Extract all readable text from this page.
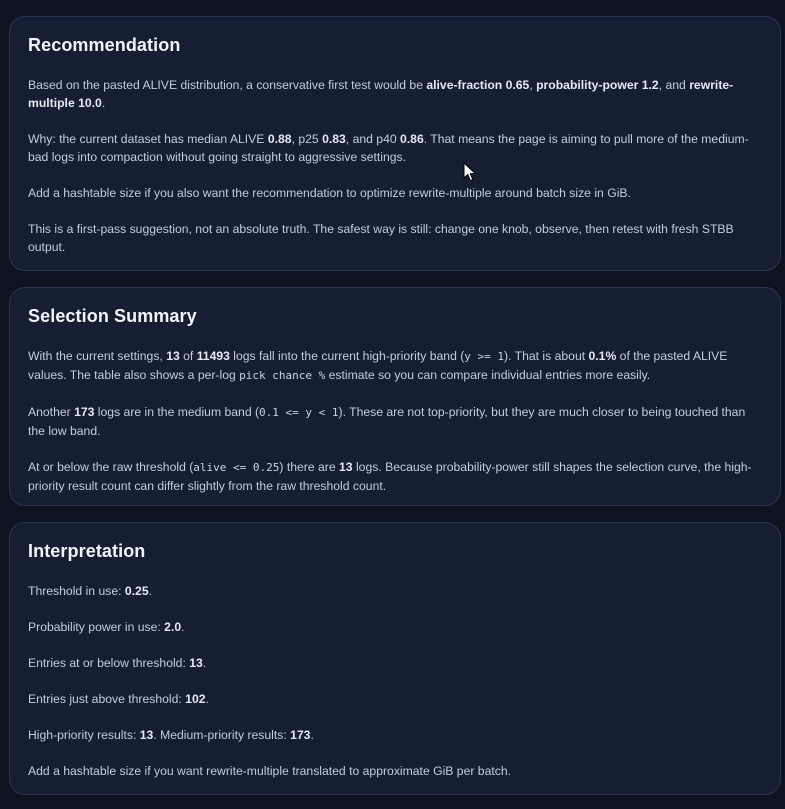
Recommendation

Based on the pasted ALIVE distribution, a conservative first test would be alive-fraction 0.65, probability-power 1.2, and rewrite-multiple 10.0.

Why: the current dataset has median ALIVE 0.88, p25 0.83, and p40 0.86. That means the page is aiming to pull more of the medium-bad logs into compaction without going straight to aggressive settings.

Add a hashtable size if you also want the recommendation to optimize rewrite-multiple around batch size in GiB.

This is a first-pass suggestion, not an absolute truth. The safest way is still: change one knob, observe, then retest with fresh STBB output.

Selection Summary

With the current settings, 13 of 11493 logs fall into the current high-priority band (y >= 1). That is about 0.1% of the pasted ALIVE values. The table also shows a per-log pick chance % estimate so you can compare individual entries more easily.

Another 173 logs are in the medium band (0.1 <= y < 1). These are not top-priority, but they are much closer to being touched than the low band.

At or below the raw threshold (alive <= 0.25) there are 13 logs. Because probability-power still shapes the selection curve, the high-priority result count can differ slightly from the raw threshold count.

Interpretation

Threshold in use: 0.25.

Probability power in use: 2.0.

Entries at or below threshold: 13.

Entries just above threshold: 102.

High-priority results: 13. Medium-priority results: 173.

Add a hashtable size if you want rewrite-multiple translated to approximate GiB per batch.
